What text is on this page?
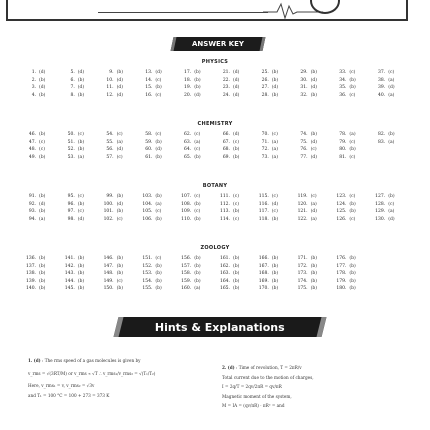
ANSWER KEY
PHYSICS
CHEMISTRY
BOTANY
ZOOLOGY
1. (d)	5. (d)	9. (b)	13. (d)	17. (b)	21. (d)	25. (b)	29. (b)	33. (c)	37. (c)
2. (b)	6. (b)	10. (d)	14. (c)	18. (b)	22. (d)	26. (b)	30. (d)	34. (b)	38. (a)
3. (d)	7. (d)	11. (d)	15. (b)	19. (b)	23. (d)	27. (d)	31. (d)	35. (b)	39. (d)
4. (b)	8. (b)	12. (d)	16. (c)	20. (d)	24. (d)	28. (b)	32. (b)	36. (c)	40. (a)
46. (b)	50. (c)	54. (c)	58. (c)	62. (c)	66. (d)	70. (c)	74. (b)	78. (a)	82. (b)
47. (c)	51. (b)	55. (a)	59. (b)	63. (a)	67. (c)	71. (a)	75. (d)	79. (c)	83. (a)
48. (c)	52. (b)	56. (d)	60. (d)	64. (c)	68. (b)	72. (a)	76. (c)	80. (b)
49. (b)	53. (a)	57. (c)	61. (b)	65. (b)	69. (b)	73. (a)	77. (d)	81. (c)
91. (b)	95. (c)	99. (b)	103. (b)	107. (c)	111. (c)	115. (c)	119. (c)	123. (c)	127. (b)
92. (d)	96. (b)	100. (d)	104. (a)	108. (b)	112. (c)	116. (d)	120. (a)	124. (b)	128. (c)
93. (b)	97. (c)	101. (b)	105. (c)	109. (c)	113. (b)	117. (c)	121. (d)	125. (b)	129. (a)
94. (a)	98. (d)	102. (c)	106. (b)	110. (b)	114. (c)	118. (b)	122. (a)	126. (c)	130. (d)
136. (b)	141. (b)	146. (b)	151. (c)	156. (b)	161. (b)	166. (b)	171. (b)	176. (b)
137. (b)	142. (b)	147. (b)	152. (b)	157. (b)	162. (b)	167. (b)	172. (b)	177. (b)
138. (b)	143. (b)	148. (b)	153. (b)	158. (b)	163. (b)	168. (b)	173. (b)	178. (b)
139. (b)	144. (b)	149. (c)	154. (b)	159. (b)	164. (b)	169. (b)	174. (b)	179. (b)
140. (b)	145. (b)	150. (b)	155. (b)	160. (a)	165. (b)	170. (b)	175. (b)	180. (b)
Hints & Explanations

1. (d) : The rms speed of a gas molecules is given by

v_rms = √(3RT/M) or v_rms ∝ √T ∴ v_rms₁/v_rms₂ = √(T₁/T₂)

Here, v_rms₁ = v, v_rms₂ = √3v

and T₁ = 100 °C = 100 + 273 = 373 K

2. (d) : Time of revolution, T = 2πR/v

Total current due to the motion of charges,

I = 2q/T = 2qv/2πR = qv/πR

Magnetic moment of the system,

M = IA = (qv/πR) · πR² = and
